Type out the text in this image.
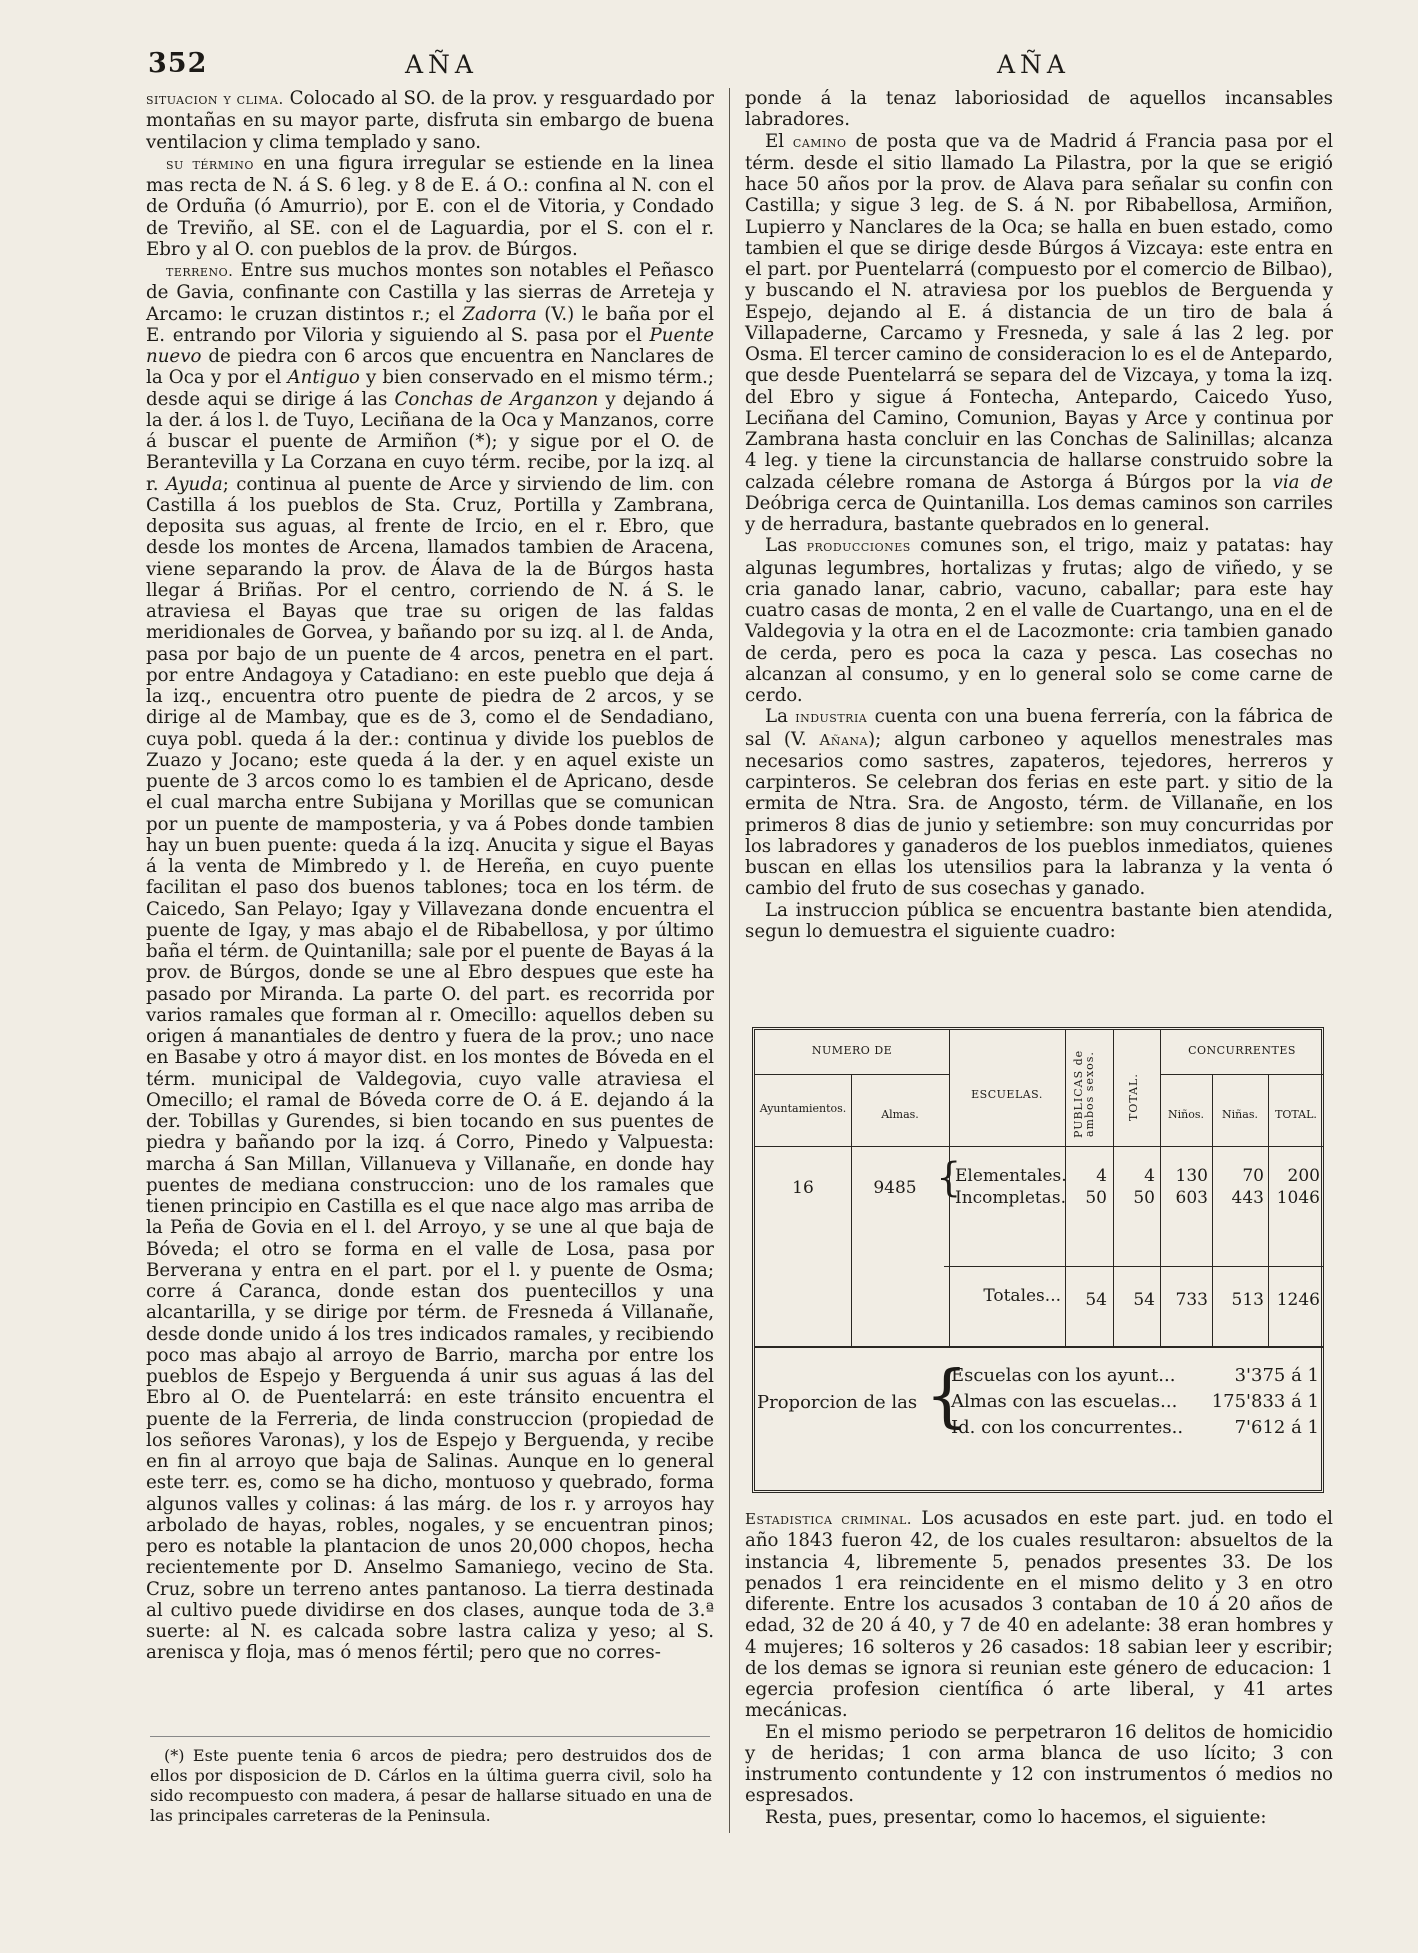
352	AÑA	AÑA

situacion y clima. Colocado al SO. de la prov. y resguardado por montañas en su mayor parte, disfruta sin embargo de buena ventilacion y clima templado y sano.

su término en una figura irregular se estiende en la linea mas recta de N. á S. 6 leg. y 8 de E. á O.: confina al N. con el de Orduña (ó Amurrio), por E. con el de Vitoria, y Condado de Treviño, al SE. con el de Laguardia, por el S. con el r. Ebro y al O. con pueblos de la prov. de Búrgos.

terreno. Entre sus muchos montes son notables el Peñasco de Gavia, confinante con Castilla y las sierras de Arreteja y Arcamo: le cruzan distintos r.; el Zadorra (V.) le baña por el E. entrando por Viloria y siguiendo al S. pasa por el Puente nuevo de piedra con 6 arcos que encuentra en Nanclares de la Oca y por el Antiguo y bien conservado en el mismo térm.; desde aqui se dirige á las Conchas de Arganzon y dejando á la der. á los l. de Tuyo, Leciñana de la Oca y Manzanos, corre á buscar el puente de Armiñon (*); y sigue por el O. de Berantevilla y La Corzana en cuyo térm. recibe, por la izq. al r. Ayuda; continua al puente de Arce y sirviendo de lim. con Castilla á los pueblos de Sta. Cruz, Portilla y Zambrana, deposita sus aguas, al frente de Ircio, en el r. Ebro, que desde los montes de Arcena, llamados tambien de Aracena, viene separando la prov. de Álava de la de Búrgos hasta llegar á Briñas. Por el centro, corriendo de N. á S. le atraviesa el Bayas que trae su origen de las faldas meridionales de Gorvea, y bañando por su izq. al l. de Anda, pasa por bajo de un puente de 4 arcos, penetra en el part. por entre Andagoya y Catadiano: en este pueblo que deja á la izq., encuentra otro puente de piedra de 2 arcos, y se dirige al de Mambay, que es de 3, como el de Sendadiano, cuya pobl. queda á la der.: continua y divide los pueblos de Zuazo y Jocano; este queda á la der. y en aquel existe un puente de 3 arcos como lo es tambien el de Apricano, desde el cual marcha entre Subijana y Morillas que se comunican por un puente de mamposteria, y va á Pobes donde tambien hay un buen puente: queda á la izq. Anucita y sigue el Bayas á la venta de Mimbredo y l. de Hereña, en cuyo puente facilitan el paso dos buenos tablones; toca en los térm. de Caicedo, San Pelayo; Igay y Villavezana donde encuentra el puente de Igay, y mas abajo el de Ribabellosa, y por último baña el térm. de Quintanilla; sale por el puente de Bayas á la prov. de Búrgos, donde se une al Ebro despues que este ha pasado por Miranda. La parte O. del part. es recorrida por varios ramales que forman al r. Omecillo: aquellos deben su origen á manantiales de dentro y fuera de la prov.; uno nace en Basabe y otro á mayor dist. en los montes de Bóveda en el térm. municipal de Valdegovia, cuyo valle atraviesa el Omecillo; el ramal de Bóveda corre de O. á E. dejando á la der. Tobillas y Gurendes, si bien tocando en sus puentes de piedra y bañando por la izq. á Corro, Pinedo y Valpuesta: marcha á San Millan, Villanueva y Villanañe, en donde hay puentes de mediana construccion: uno de los ramales que tienen principio en Castilla es el que nace algo mas arriba de la Peña de Govia en el l. del Arroyo, y se une al que baja de Bóveda; el otro se forma en el valle de Losa, pasa por Berverana y entra en el part. por el l. y puente de Osma; corre á Caranca, donde estan dos puentecillos y una alcantarilla, y se dirige por térm. de Fresneda á Villanañe, desde donde unido á los tres indicados ramales, y recibiendo poco mas abajo al arroyo de Barrio, marcha por entre los pueblos de Espejo y Berguenda á unir sus aguas á las del Ebro al O. de Puentelarrá: en este tránsito encuentra el puente de la Ferreria, de linda construccion (propiedad de los señores Varonas), y los de Espejo y Berguenda, y recibe en fin al arroyo que baja de Salinas. Aunque en lo general este terr. es, como se ha dicho, montuoso y quebrado, forma algunos valles y colinas: á las márg. de los r. y arroyos hay arbolado de hayas, robles, nogales, y se encuentran pinos; pero es notable la plantacion de unos 20,000 chopos, hecha recientemente por D. Anselmo Samaniego, vecino de Sta. Cruz, sobre un terreno antes pantanoso. La tierra destinada al cultivo puede dividirse en dos clases, aunque toda de 3.ª suerte: al N. es calcada sobre lastra caliza y yeso; al S. arenisca y floja, mas ó menos fértil; pero que no corres-

(*) Este puente tenia 6 arcos de piedra; pero destruidos dos de ellos por disposicion de D. Cárlos en la última guerra civil, solo ha sido recompuesto con madera, á pesar de hallarse situado en una de las principales carreteras de la Peninsula.

ponde á la tenaz laboriosidad de aquellos incansables labradores.

El camino de posta que va de Madrid á Francia pasa por el térm. desde el sitio llamado La Pilastra, por la que se erigió hace 50 años por la prov. de Alava para señalar su confin con Castilla; y sigue 3 leg. de S. á N. por Ribabellosa, Armiñon, Lupierro y Nanclares de la Oca; se halla en buen estado, como tambien el que se dirige desde Búrgos á Vizcaya: este entra en el part. por Puentelarrá (compuesto por el comercio de Bilbao), y buscando el N. atraviesa por los pueblos de Berguenda y Espejo, dejando al E. á distancia de un tiro de bala á Villapaderne, Carcamo y Fresneda, y sale á las 2 leg. por Osma. El tercer camino de consideracion lo es el de Antepardo, que desde Puentelarrá se separa del de Vizcaya, y toma la izq. del Ebro y sigue á Fontecha, Antepardo, Caicedo Yuso, Leciñana del Camino, Comunion, Bayas y Arce y continua por Zambrana hasta concluir en las Conchas de Salinillas; alcanza 4 leg. y tiene la circunstancia de hallarse construido sobre la calzada célebre romana de Astorga á Búrgos por la via de Deóbriga cerca de Quintanilla. Los demas caminos son carriles y de herradura, bastante quebrados en lo general.

Las producciones comunes son, el trigo, maiz y patatas: hay algunas legumbres, hortalizas y frutas; algo de viñedo, y se cria ganado lanar, cabrio, vacuno, caballar; para este hay cuatro casas de monta, 2 en el valle de Cuartango, una en el de Valdegovia y la otra en el de Lacozmonte: cria tambien ganado de cerda, pero es poca la caza y pesca. Las cosechas no alcanzan al consumo, y en lo general solo se come carne de cerdo.

La industria cuenta con una buena ferrería, con la fábrica de sal (V. Añana); algun carboneo y aquellos menestrales mas necesarios como sastres, zapateros, tejedores, herreros y carpinteros. Se celebran dos ferias en este part. y sitio de la ermita de Ntra. Sra. de Angosto, térm. de Villanañe, en los primeros 8 dias de junio y setiembre: son muy concurridas por los labradores y ganaderos de los pueblos inmediatos, quienes buscan en ellas los utensilios para la labranza y la venta ó cambio del fruto de sus cosechas y ganado.

La instruccion pública se encuentra bastante bien atendida, segun lo demuestra el siguiente cuadro:

NUMERO DE
Ayuntamientos.	Almas.
ESCUELAS.	PUBLICAS de ambos sexos.	TOTAL.
CONCURRENTES
Niños.	Niñas.	TOTAL.
16	9485 {
Elementales.	4	4	130	70	200
Incompletas.	50	50	603	443 1046
Totales...	54	54	733	513 1246
Proporcion de las {
Escuelas con los ayunt...	3'375 á 1
Almas con las escuelas...	175'833 á 1
Id. con los concurrentes..	7'612 á 1

Estadistica criminal. Los acusados en este part. jud. en todo el año 1843 fueron 42, de los cuales resultaron: absueltos de la instancia 4, libremente 5, penados presentes 33. De los penados 1 era reincidente en el mismo delito y 3 en otro diferente. Entre los acusados 3 contaban de 10 á 20 años de edad, 32 de 20 á 40, y 7 de 40 en adelante: 38 eran hombres y 4 mujeres; 16 solteros y 26 casados: 18 sabian leer y escribir; de los demas se ignora si reunian este género de educacion: 1 egercia profesion científica ó arte liberal, y 41 artes mecánicas.

En el mismo periodo se perpetraron 16 delitos de homicidio y de heridas; 1 con arma blanca de uso lícito; 3 con instrumento contundente y 12 con instrumentos ó medios no espresados.

Resta, pues, presentar, como lo hacemos, el siguiente:
